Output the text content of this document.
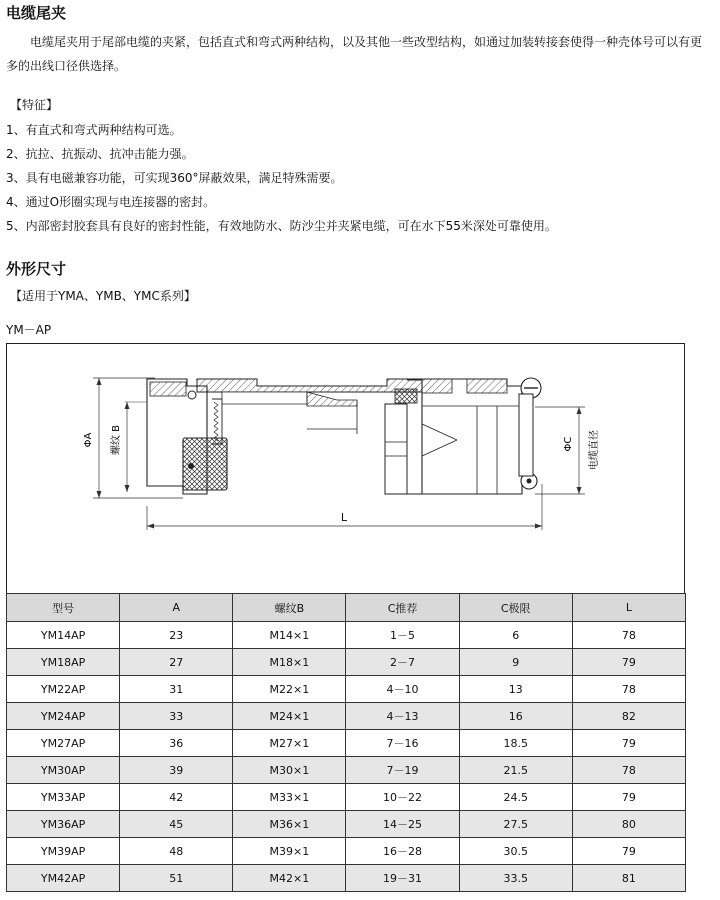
电缆尾夹
电缆尾夹用于尾部电缆的夹紧，包括直式和弯式两种结构，以及其他一些改型结构，如通过加装转接套使得一种壳体号可以有更多的出线口径供选择。
【特征】
1、有直式和弯式两种结构可选。
2、抗拉、抗振动、抗冲击能力强。
3、具有电磁兼容功能，可实现360°屏蔽效果，满足特殊需要。
4、通过O形圈实现与电连接器的密封。
5、内部密封胶套具有良好的密封性能，有效地防水、防沙尘并夹紧电缆，可在水下55米深处可靠使用。
外形尺寸
【适用于YMA、YMB、YMC系列】
YM－AP
ΦA 螺纹 B
L
ΦC 电缆直径
型号	A	螺纹B	C推荐	C极限	L
YM14AP	23	M14×1	1－5	6	78
YM18AP	27	M18×1	2－7	9	79
YM22AP	31	M22×1	4－10	13	78
YM24AP	33	M24×1	4－13	16	82
YM27AP	36	M27×1	7－16	18.5	79
YM30AP	39	M30×1	7－19	21.5	78
YM33AP	42	M33×1	10－22	24.5	79
YM36AP	45	M36×1	14－25	27.5	80
YM39AP	48	M39×1	16－28	30.5	79
YM42AP	51	M42×1	19－31	33.5	81
